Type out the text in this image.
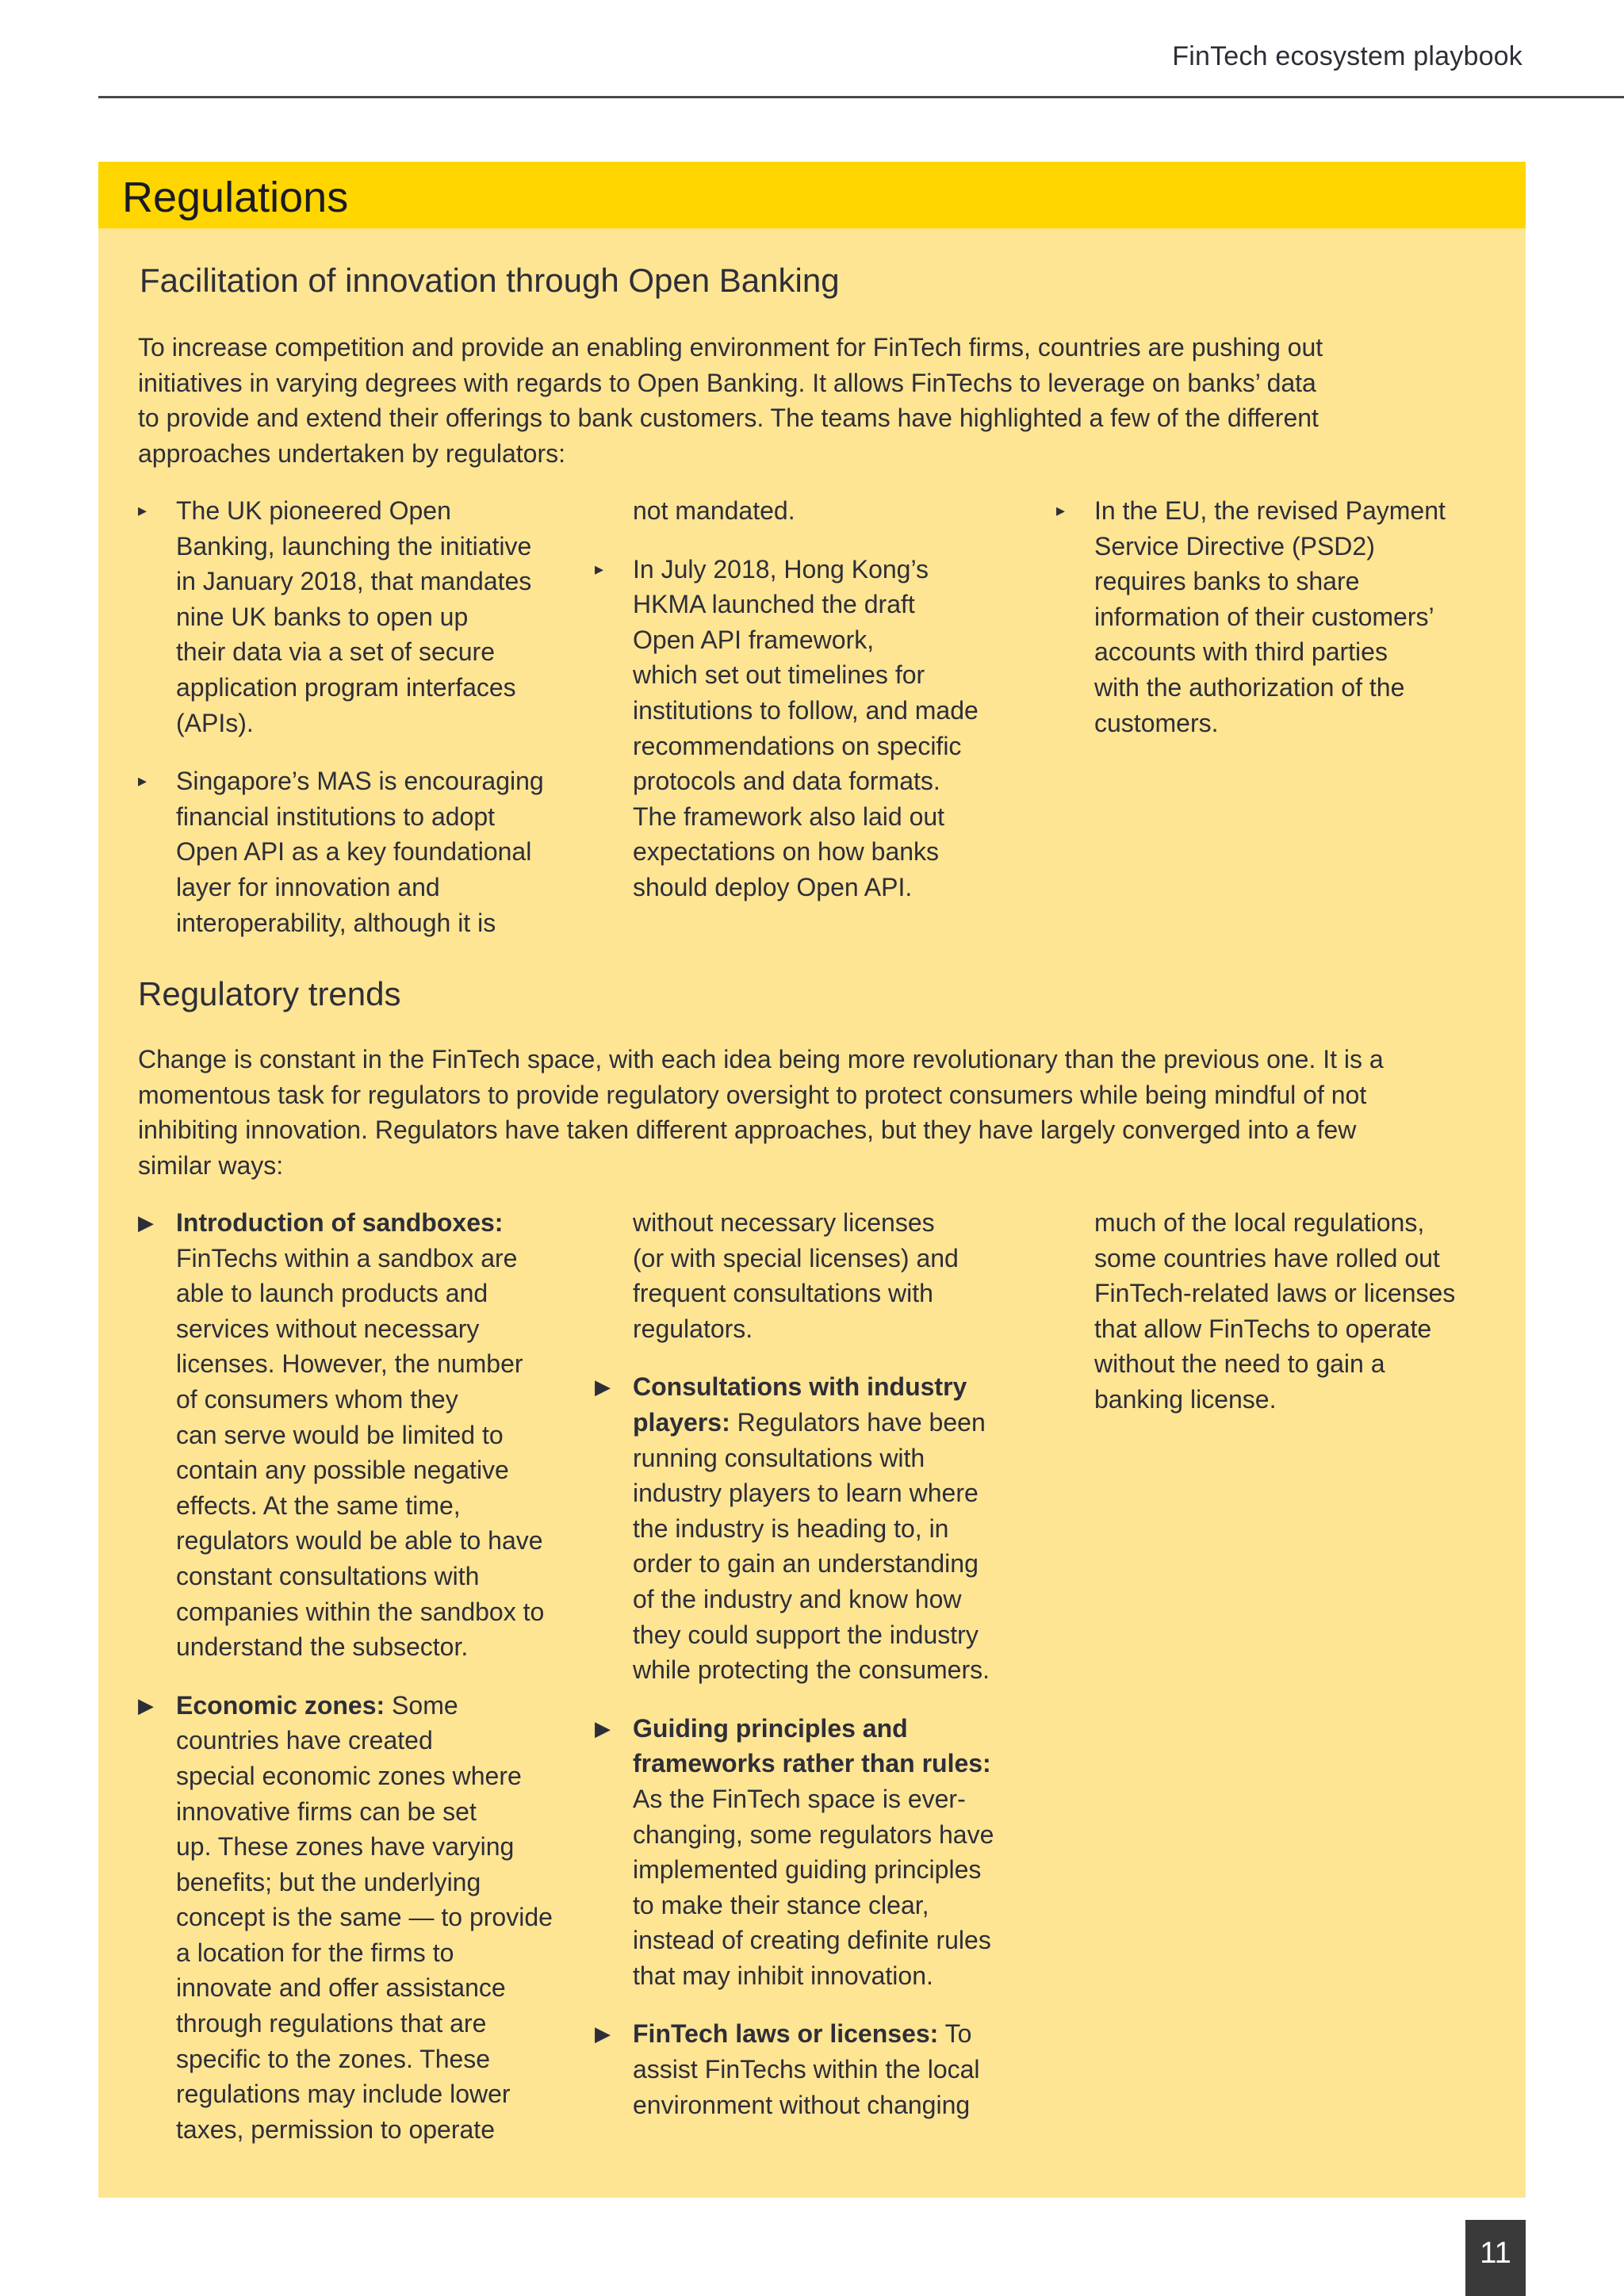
FinTech ecosystem playbook
Regulations
Facilitation of innovation through Open Banking
To increase competition and provide an enabling environment for FinTech firms, countries are pushing out
initiatives in varying degrees with regards to Open Banking. It allows FinTechs to leverage on banks’ data
to provide and extend their offerings to bank customers. The teams have highlighted a few of the different
approaches undertaken by regulators:
▸	The UK pioneered Open
Banking, launching the initiative
in January 2018, that mandates
nine UK banks to open up
their data via a set of secure
application program interfaces
(APIs).
▸	Singapore’s MAS is encouraging
financial institutions to adopt
Open API as a key foundational
layer for innovation and
interoperability, although it is
not mandated.
▸	In July 2018, Hong Kong’s
HKMA launched the draft
Open API framework,
which set out timelines for
institutions to follow, and made
recommendations on specific
protocols and data formats.
The framework also laid out
expectations on how banks
should deploy Open API.
▸	In the EU, the revised Payment
Service Directive (PSD2)
requires banks to share
information of their customers’
accounts with third parties
with the authorization of the
customers.
Regulatory trends
Change is constant in the FinTech space, with each idea being more revolutionary than the previous one. It is a
momentous task for regulators to provide regulatory oversight to protect consumers while being mindful of not
inhibiting innovation. Regulators have taken different approaches, but they have largely converged into a few
similar ways:
▶ Introduction of sandboxes:
FinTechs within a sandbox are
able to launch products and
services without necessary
licenses. However, the number
of consumers whom they
can serve would be limited to
contain any possible negative
effects. At the same time,
regulators would be able to have
constant consultations with
companies within the sandbox to
understand the subsector.
▶ Economic zones: Some
countries have created
special economic zones where
innovative firms can be set
up. These zones have varying
benefits; but the underlying
concept is the same — to provide
a location for the firms to
innovate and offer assistance
through regulations that are
specific to the zones. These
regulations may include lower
taxes, permission to operate
without necessary licenses
(or with special licenses) and
frequent consultations with
regulators.
▶ Consultations with industry
players: Regulators have been
running consultations with
industry players to learn where
the industry is heading to, in
order to gain an understanding
of the industry and know how
they could support the industry
while protecting the consumers.
▶ Guiding principles and
frameworks rather than rules:
As the FinTech space is ever-
changing, some regulators have
implemented guiding principles
to make their stance clear,
instead of creating definite rules
that may inhibit innovation.
▶ FinTech laws or licenses: To
assist FinTechs within the local
environment without changing
much of the local regulations,
some countries have rolled out
FinTech-related laws or licenses
that allow FinTechs to operate
without the need to gain a
banking license.
11
